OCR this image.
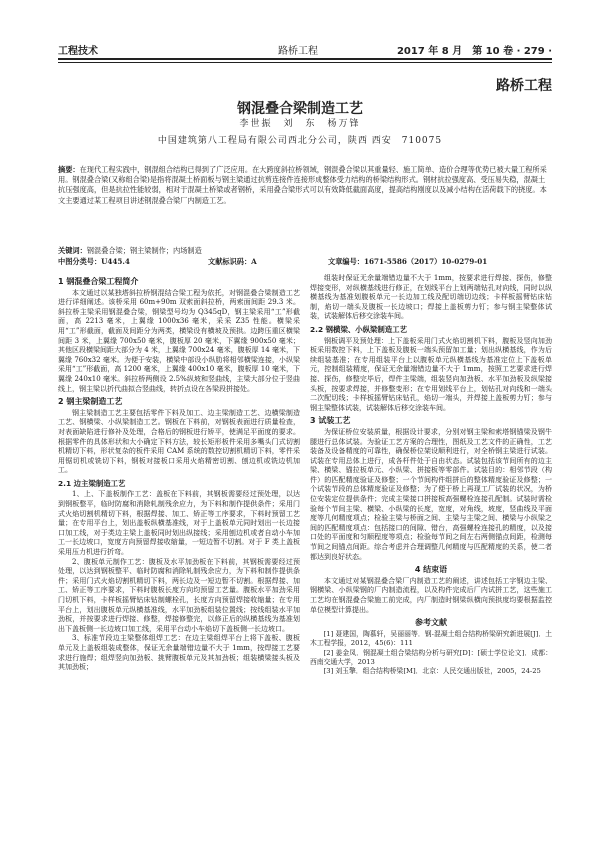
工程技术	路桥工程	2017 年 8 月　第 10 卷 · 279 ·
路桥工程
钢混叠合梁制造工艺
李世振　刘　东　杨万锋
中国建筑第八工程局有限公司西北分公司，陕西 西安　710075
摘要：在现代工程实践中，钢混组合结构已得到了广泛应用。在大跨度斜拉桥领域，钢混叠合梁以其重量轻、施工简单、造价合理等优势已被大量工程所采用。钢混叠合梁(又称组合梁)是指将混凝土桥面板与钢主梁通过抗剪连接件连接形成整体受力结构的桥梁结构形式。钢材抗拉强度高、受压易失稳，混凝土抗压强度高，但是抗拉性能较弱，相对于混凝土桥梁或者钢桥，采用叠合梁形式可以有效降低截面高度，提高结构刚度以及减小结构在活荷载下的挠度。本文主要通过某工程项目讲述钢混叠合梁厂内制造工艺。
关键词：钢混叠合梁；钢主梁制作；内场制造
中图分类号：U445.4	文献标识码：A	文章编号：1671-5586（2017）10-0279-01
1 钢混叠合梁工程简介

本文通过以某独塔斜拉桥钢混结合梁工程为依托，对钢混叠合梁制造工艺进行详细阐述。该桥采用 60m+90m 双索面斜拉桥，两索面间距 29.3 米。斜拉桥主梁采用钢混叠合梁，钢梁型号均为 Q345qD，钢主梁采用“工”形截面，高 2213 毫米，上翼缘 1000x36 毫米，采采 Z35 性能。横梁采用“工”形截面，截面及间距分为两类，横梁设有横坡及预拱。边跨压重区横梁间距 3 米，上翼缘 700x50 毫米，腹板厚 20 毫米，下翼缘 900x50 毫米；其他区段横梁间距大部分为 4 米，上翼缘 700x24 毫米，腹板厚 14 毫米，下翼缘 760x32 毫米。为便于安装，横梁中部设小纵肋将相邻横梁连接，小纵梁采用“工”形截面，高 1200 毫米，上翼缘 400x10 毫米，腹板厚 10 毫米，下翼缘 240x10 毫米。斜拉桥两侧设 2.5%纵坡和竖曲线，主梁大部分位于竖曲线上，钢主梁以折代曲拟合竖曲线，转折点设在各梁段拼接处。

2 钢主梁制造工艺

钢主梁制造工艺主要包括零件下料及加工、边主梁制造工艺、边横梁制造工艺、钢横梁、小纵梁制造工艺。钢板在下料前，对钢板表面进行质量检查，对表面缺陷进行修补及处理，合格后的钢板进行矫平，使满足平面度的要求。根据零件的具体形状和大小确定下料方法，较长矩形板件采用多嘴头门式切割机精切下料，形状复杂的板件采用 CAM 系统的数控切割机精切下料，零件采用锯切机或铣切下料，钢板对接板口采用火焰精密切割、刨边机或铣边机加工。

2.1 边主梁制造工艺

1、上、下盖板制作工艺：盖板在下料前，其钢板需要经过预处理，以达到钢板整平，临时防腐和消除轧制残余应力，为下料和制作提供条件；采用门式火焰切割机精切下料，根据焊接、加工、矫正等工序要求，下料时预留工艺量；在专用平台上，划出盖板纵横基准线，对于上盖板单元同时划出一长边接口加工线，对于类边主梁上盖板同时划出纵接线；采用刨边机或者自动小车加工一长边坡口，宽度方向预留焊接收缩量，一短边暂不切割。对于 F 类上盖板采用压力机进行折弯。

2、腹板单元制作工艺：腹板及水平加劲板在下料前，其钢板需要经过预处理，以达到钢板整平、临时防腐和消除轧制残余应力，为下料和制作提供条件；采用门式火焰切割机精切下料，两长边及一短边暂不切割。根据焊接、加工、矫正等工序要求，下料时腹板长度方向均预留工艺量。腹板水平加劲采用门切机下料，卡样板摇臂钻床钻制螺栓孔，长度方向预留焊接收缩量；在专用平台上，划出腹板单元纵横基准线，水平加劲板组装位置线；按线组装水平加劲板，并按要求进行焊接、修整，焊接修整完，以修正后的纵横基线为基准划出下盖板侧一长边坡口加工线，采用平台动小车焰切下盖板侧一长边坡口。

3、标准节段边主梁整体组焊工艺：在边主梁组焊平台上将下盖板、腹板单元及上盖板组装成整体，保证无余量端错边量不大于 1mm，按焊接工艺要求进行施焊；组焊竖向加劲板、挑臂腹板单元及其加劲板；组装横梁接头板及其加劲板；

组装时保证无余量端错边量不大于 1mm，按要求进行焊接、探伤，修整焊接变形，对纵横基线进行修正，在划线平台上划两端钻孔对向线，同时以纵横基线为基准划腹板单元一长边加工线及配切端切边线；卡样板摇臂钻床钻制，焰切一端头及腹板一长边坡口；焊接上盖板剪力钉；参与钢主梁整体试装，试装解体后移交涂装车间。

2.2 钢横梁、小纵梁制造工艺

钢板调平及预处理：上下盖板采用门式火焰切割机下料，腹板及竖向加劲板采用数控下料，上下盖板及腹板一端头预留加工量；划出纵横基线，作为后续组装基准；在专用组装平台上以腹板单元纵横基线为基准定位上下盖板单元，控制组装精度，保证无余量端错边量不大于 1mm，按照工艺要求进行焊接、探伤，修整完毕后，焊件主梁端，组装竖向加劲板、水平加劲板及纵梁接头板，按要求焊接，并修整变形；在专用划线平台上，划钻孔对向线和一端头二次配切线；卡样板摇臂钻床钻孔，焰切一端头，并焊接上盖板剪力钉；参与钢主梁整体试装，试装解体后移交涂装车间。

3 试装工艺

为保证桥位安装质量，根据设计要求，分别对钢主梁和索塔钢锚梁及钢牛腿进行总体试装。为验证工艺方案的合理性，图纸及工艺文件的正确性，工艺装备及设备精度的可靠性，确保桥位架设顺利进行，对全桥钢主梁进行试装。试装在专用总体上进行，成各杆件处于自由状态。试装包括该节间所有的边主梁、横梁、锚拉板单元、小纵梁、拼接板等零部件。试装目的：相邻节段（构件）的匹配精度验证及修整；一个节间构件组拼后的整体精度验证及修整；一个试装节段的总体精度验证及修整；为了便于桥上再现工厂试装的状况，为桥位安装定位提供条件；完成主梁接口拼接板高强螺栓连接孔配制。试装时需检验每个节间主梁、横梁、小纵梁的长度，宽度，对角线，坡度，竖曲线及平面度等几何精度项点；检验主梁与桥面之间、主梁与主梁之间、横梁与小纵梁之间的匹配精度项点：包括接口的间隙、错台，高强螺栓连接孔的精度，以及接口处的平面度和匀顺程度等项点；检验每节间之间左右两侧锚点间距，检测每节间之间锚点间距。综合考虑并合理调整几何精度与匹配精度的关系，使二者都达到良好状态。

4 结束语

本文通过对某钢混叠合梁厂内制造工艺的阐述，讲述包括工字钢边主梁、钢横梁、小纵梁钢的厂内制造流程，以及构件完成后厂内试拼工艺，这些施工工艺均在钢混叠合梁施工前完成，内厂制造时钢梁纵横向预拱度均要根据监控单位模型计算提出。

参考文献

[1] 聂建国，陶慕轩，吴丽丽等．钢-混凝土组合结构桥梁研究新进展[J]．土木工程学报，2012，45(6)：111

[2] 姜金凤．钢混凝土组合梁结构分析与研究[D]：[硕士学位论文]．成都：西南交通大学，2013

[3] 刘玉擎．组合结构桥梁[M]．北京：人民交通出版社，2005，24-25
